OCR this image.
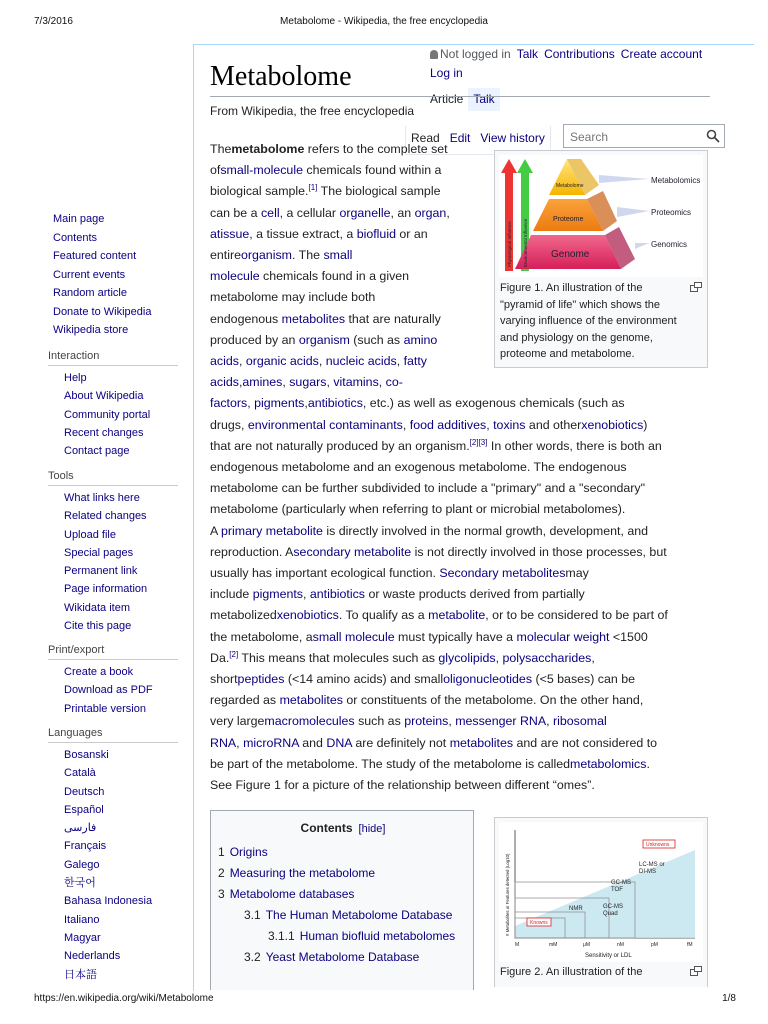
7/3/2016	Metabolome - Wikipedia, the free encyclopedia
https://en.wikipedia.org/wiki/Metabolome	1/8
Not logged in Talk Contributions Create account
Log in
Article Talk
Read Edit View history
Search
Metabolome
From Wikipedia, the free encyclopedia
Main page
Contents
Featured content
Current events
Random article
Donate to Wikipedia
Wikipedia store
Interaction
Help
About Wikipedia
Community portal
Recent changes
Contact page
Tools
What links here
Related changes
Upload file
Special pages
Permanent link
Page information
Wikidata item
Cite this page
Print/export
Create a book
Download as PDF
Printable version
Languages
Bosanski
Català
Deutsch
Español
فارسی
Français
Galego
한국어
Bahasa Indonesia
Italiano
Magyar
Nederlands
日本語
Themetabolome refers to the complete set
ofsmall-molecule chemicals found within a
biological sample.[1] The biological sample
can be a cell, a cellular organelle, an organ,
atissue, a tissue extract, a biofluid or an
entireorganism. The small
molecule chemicals found in a given
metabolome may include both
endogenous metabolites that are naturally
produced by an organism (such as amino
acids, organic acids, nucleic acids, fatty
acids,amines, sugars, vitamins, co-
factors, pigments,antibiotics, etc.) as well as exogenous chemicals (such as
drugs, environmental contaminants, food additives, toxins and otherxenobiotics)
that are not naturally produced by an organism.[2][3] In other words, there is both an
endogenous metabolome and an exogenous metabolome. The endogenous
metabolome can be further subdivided to include a "primary" and a "secondary"
metabolome (particularly when referring to plant or microbial metabolomes).
A primary metabolite is directly involved in the normal growth, development, and
reproduction. Asecondary metabolite is not directly involved in those processes, but
usually has important ecological function. Secondary metabolitesmay
include pigments, antibiotics or waste products derived from partially
metabolizedxenobiotics. To qualify as a metabolite, or to be considered to be part of
the metabolome, asmall molecule must typically have a molecular weight <1500
Da.[2] This means that molecules such as glycolipids, polysaccharides,
shortpeptides (<14 amino acids) and smalloligonucleotides (<5 bases) can be
regarded as metabolites or constituents of the metabolome. On the other hand,
very largemacromolecules such as proteins, messenger RNA, ribosomal
RNA, microRNA and DNA are definitely not metabolites and are not considered to
be part of the metabolome. The study of the metabolome is calledmetabolomics.
See Figure 1 for a picture of the relationship between different “omes”.
Metabolomics
Proteomics
Genomics
Metabolome
Proteome
Genome
Physiological Influence Environmental Influence
Figure 1. An illustration of the
"pyramid of life" which shows the
varying influence of the environment
and physiology on the genome,
proteome and metabolome.
Contents [hide]
1 Origins
2 Measuring the metabolome
3 Metabolome databases
3.1 The Human Metabolome Database
3.1.1 Human biofluid metabolomes
3.2 Yeast Metabolome Database
LC-MS or
DI-MS
GC-MS
TOF
NMR	GC-MS
Quad
Knowns
Unknowns
Sensitivity or LDL
# Metabolites or Features detected (Log10)
M	mM	μM	nM	pM	fM
Figure 2. An illustration of the
